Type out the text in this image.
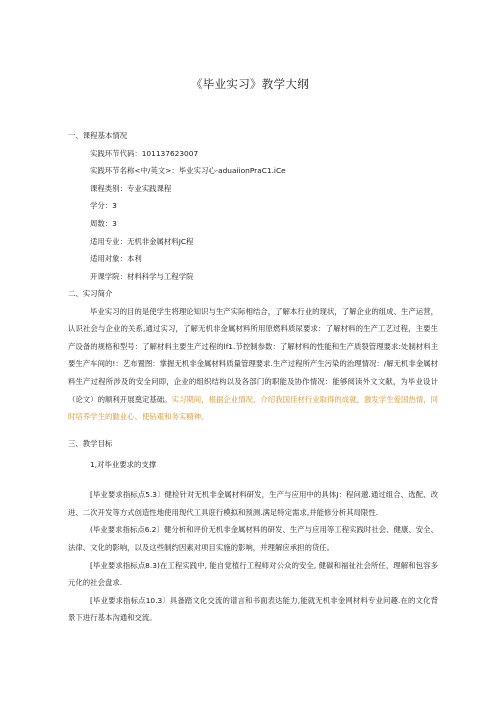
《毕业实习》教学大纲

一、课程基本情况

实践环节代码：101137623007

实践环节名称<中/英文>：毕业实习心·aduaiionPraC1.iCe

课程类别：专业实践课程

学分：3

周数：3

适用专业：无机非金属材料JC程

适用对象：本利

开课学院：材料科学与工程学院

二、实习简介

毕业实习的目的是使学生将理论知识与生产实际相结合，了解本行业的现状，了解企业的组成、生产运营，认识社会与企业的关系,通过实习，了解无机非金属材料所用原燃料质尿要求：了解材料的生产工艺过程，主要生产设备的规格和型号：了解材料主要生产过程的lf1.节控制参数：了解材料的性能和生产质裂管理要求:处制材料主要生产车间的!：艺布置图：掌握无机非金属材料质量管理要求.生产过程所产生污染的治理情况：/解无机非金属材料生产过程所涉及的安全问即，企业的组织结构以及各部门的职能及协作情况：能够阅读外文文献，为毕业设计（论文）的顺利开展奠定基础。实习期间，根据企业情况，介绍我国佳材行业取得的成就，激发学生爱国热情，同时培养学生的勤业心、使钻艰和务实精神。

三、教学目标

1,对毕业要求的支撑

[毕业要求指标点5.3〕健检针对无机非金属材料研发，生产与应用中的具体J：程问邈.通过组合、选配、改进、二次开发等方式创造性地使用现代工具诳行模拟和预测.满足特定需求,并能修分析其局限性.

(毕业要求指标点6.2〕健分析和评价无机非金属材料的研发、生产与应用等工程实践时社会、健康、安全、法律、文化的影响，以及这些制约因素对项目实施的影响，并理解应承担的货任。

[毕业要求指标点8.3)在工程实践中, 能自觉植行工程师对公众的安全, 健碳和福祉社会所任，理解和包容多元化的社会盘求.

[毕业要求指标点10.3〕具备踏文化交流的谱言和书面表达能力,能就无机非金网材料专业问趣.在的文化背景下进行基本沟通和交流。
